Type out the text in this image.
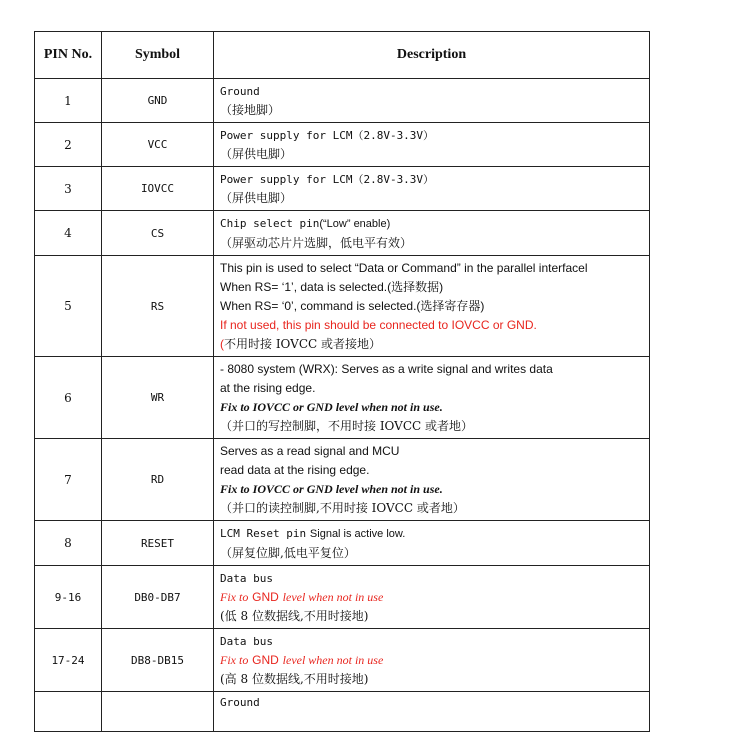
PIN No.	Symbol	Description
1	GND	Ground
（接地脚）

2	VCC	Power supply for LCM（2.8V-3.3V）
（屏供电脚）

3	IOVCC	Power supply for LCM（2.8V-3.3V）
（屏供电脚）

4	CS	Chip select pin(“Low” enable)
（屏驱动芯片片选脚，低电平有效）

5	RS	This pin is used to select “Data or Command” in the parallel interfacel
When RS= ‘1’, data is selected.(选择数据)
When RS= ‘0’, command is selected.(选择寄存器)
If not used, this pin should be connected to IOVCC or GND.
(不用时接 IOVCC 或者接地）

6	WR	- 8080 system (WRX): Serves as a write signal and writes data
at the rising edge.
Fix to IOVCC or GND level when not in use.
（并口的写控制脚，不用时接 IOVCC 或者地）

7	RD	Serves as a read signal and MCU
read data at the rising edge.
Fix to IOVCC or GND level when not in use.
（并口的读控制脚,不用时接 IOVCC 或者地）

8	RESET	LCM Reset pin Signal is active low.
（屏复位脚,低电平复位）

9-16	DB0-DB7	Data bus
Fix to GND level when not in use
(低 8 位数据线,不用时接地)

17-24	DB8-DB15	Data bus
Fix to GND level when not in use
(高 8 位数据线,不用时接地)

		Ground
